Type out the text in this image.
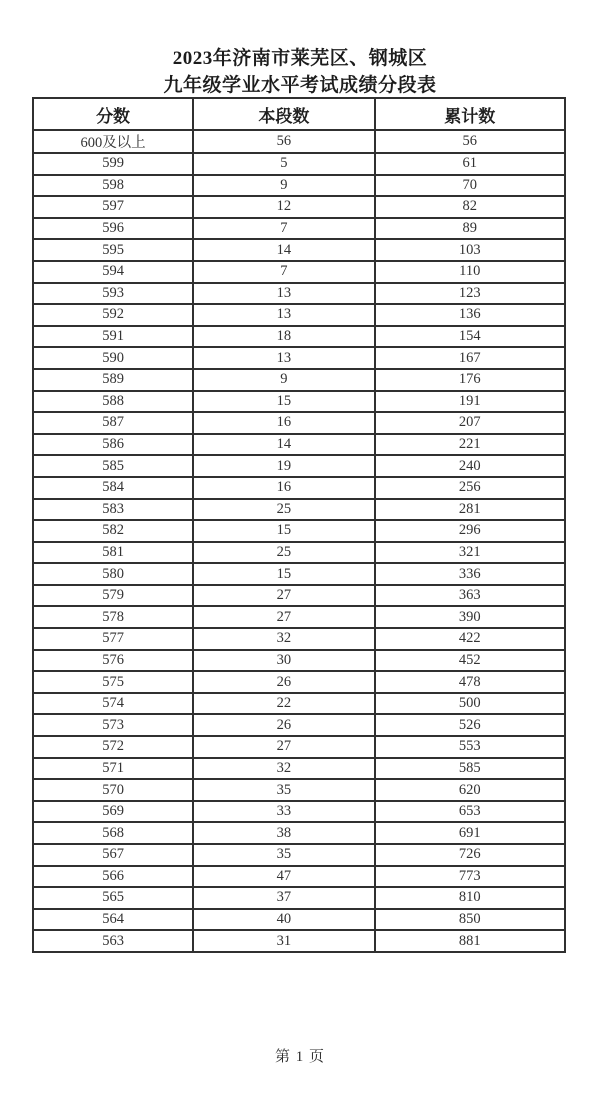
2023年济南市莱芜区、钢城区
九年级学业水平考试成绩分段表
分数	本段数	累计数
600及以上	56	56
599	5	61
598	9	70
597	12	82
596	7	89
595	14	103
594	7	110
593	13	123
592	13	136
591	18	154
590	13	167
589	9	176
588	15	191
587	16	207
586	14	221
585	19	240
584	16	256
583	25	281
582	15	296
581	25	321
580	15	336
579	27	363
578	27	390
577	32	422
576	30	452
575	26	478
574	22	500
573	26	526
572	27	553
571	32	585
570	35	620
569	33	653
568	38	691
567	35	726
566	47	773
565	37	810
564	40	850
563	31	881
第 1 页
